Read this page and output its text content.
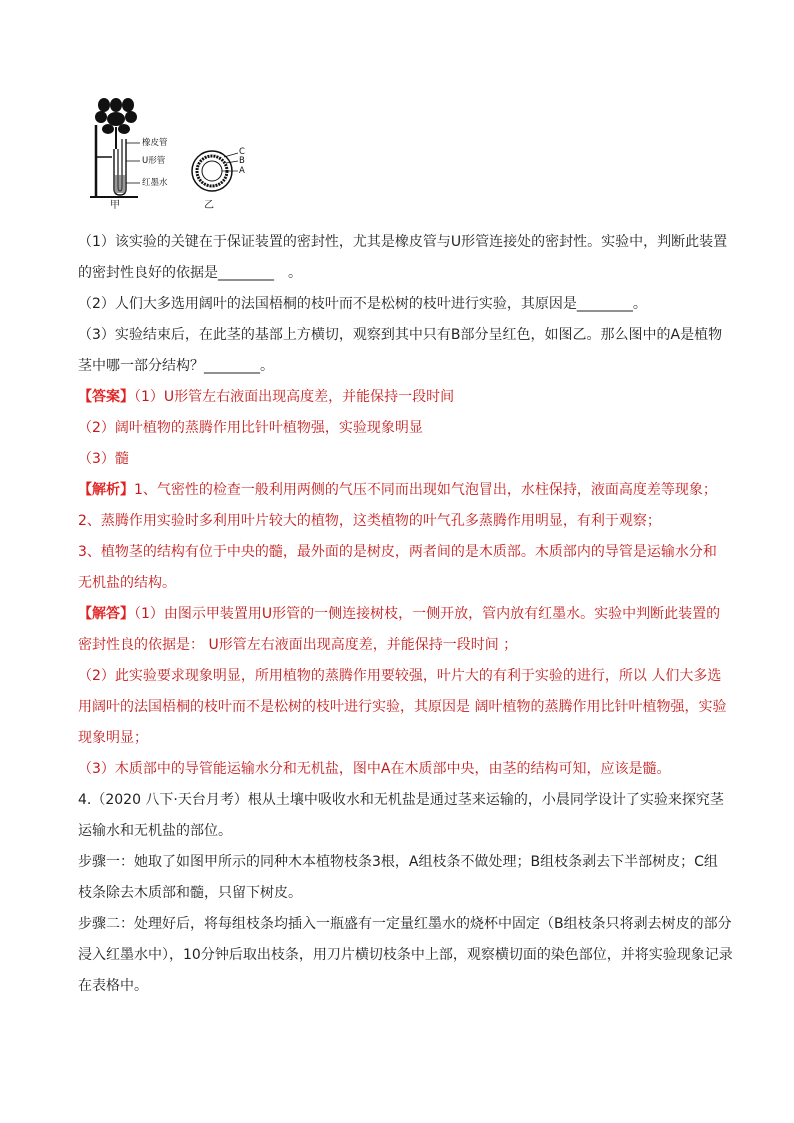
橡皮管
U形管
红墨水
甲	乙
C
B
A

（1）该实验的关键在于保证装置的密封性，尤其是橡皮管与U形管连接处的密封性。实验中，判断此装置

的密封性良好的依据是________　。

（2）人们大多选用阔叶的法国梧桐的枝叶而不是松树的枝叶进行实验，其原因是________。

（3）实验结束后，在此茎的基部上方横切，观察到其中只有B部分呈红色，如图乙。那么图中的A是植物

茎中哪一部分结构？________。

【答案】（1）U形管左右液面出现高度差，并能保持一段时间

（2）阔叶植物的蒸腾作用比针叶植物强，实验现象明显

（3）髓

【解析】1、气密性的检查一般利用两侧的气压不同而出现如气泡冒出，水柱保持，液面高度差等现象；

2、蒸腾作用实验时多利用叶片较大的植物，这类植物的叶气孔多蒸腾作用明显，有利于观察；

3、植物茎的结构有位于中央的髓，最外面的是树皮，两者间的是木质部。木质部内的导管是运输水分和

无机盐的结构。

【解答】（1）由图示甲装置用U形管的一侧连接树枝，一侧开放，管内放有红墨水。实验中判断此装置的

密封性良的依据是： U形管左右液面出现高度差，并能保持一段时间 ；

（2）此实验要求现象明显，所用植物的蒸腾作用要较强，叶片大的有利于实验的进行，所以 人们大多选

用阔叶的法国梧桐的枝叶而不是松树的枝叶进行实验，其原因是 阔叶植物的蒸腾作用比针叶植物强，实验

现象明显；

（3）木质部中的导管能运输水分和无机盐，图中A在木质部中央，由茎的结构可知，应该是髓。

4.（2020 八下·天台月考）根从土壤中吸收水和无机盐是通过茎来运输的，小晨同学设计了实验来探究茎

运输水和无机盐的部位。

步骤一：她取了如图甲所示的同种木本植物枝条3根，A组枝条不做处理；B组枝条剥去下半部树皮；C组

枝条除去木质部和髓，只留下树皮。

步骤二：处理好后，将每组枝条均插入一瓶盛有一定量红墨水的烧杯中固定（B组枝条只将剥去树皮的部分

浸入红墨水中），10分钟后取出枝条，用刀片横切枝条中上部，观察横切面的染色部位，并将实验现象记录

在表格中。
